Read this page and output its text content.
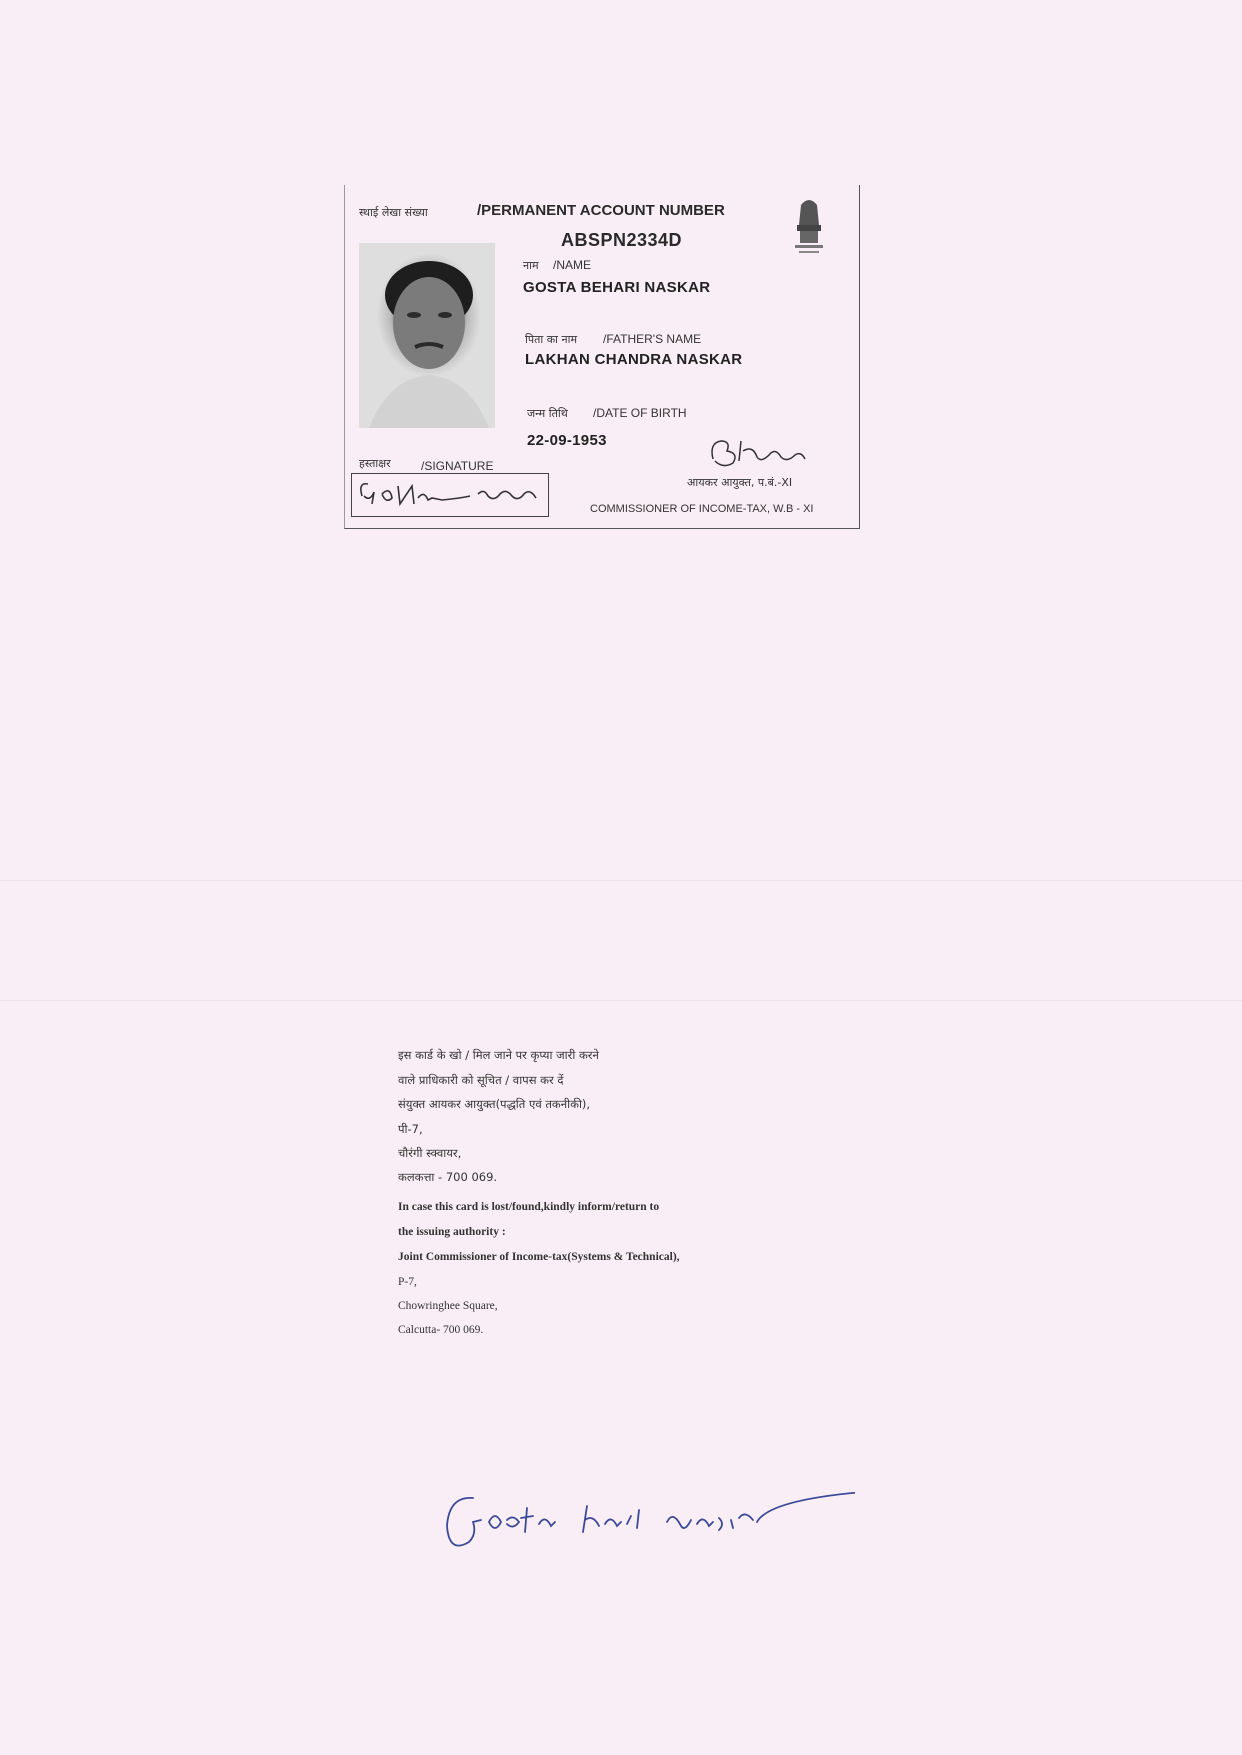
स्थाई लेखा संख्या	/PERMANENT ACCOUNT NUMBER
ABSPN2334D
नाम /NAME
GOSTA BEHARI NASKAR
पिता का नाम /FATHER'S NAME
LAKHAN CHANDRA NASKAR
जन्म तिथि /DATE OF BIRTH
22-09-1953
हस्ताक्षर	/SIGNATURE
आयकर आयुक्त, प.बं.-XI
COMMISSIONER OF INCOME-TAX, W.B - XI
इस कार्ड के खो / मिल जाने पर कृप्या जारी करने
वाले प्राधिकारी को सूचित / वापस कर दें
संयुक्त आयकर आयुक्त(पद्धति एवं तकनीकी),
पी-7,
चौरंगी स्क्वायर,
कलकत्ता - 700 069.
In case this card is lost/found,kindly inform/return to
the issuing authority :
Joint Commissioner of Income-tax(Systems & Technical),
P-7,
Chowringhee Square,
Calcutta- 700 069.
